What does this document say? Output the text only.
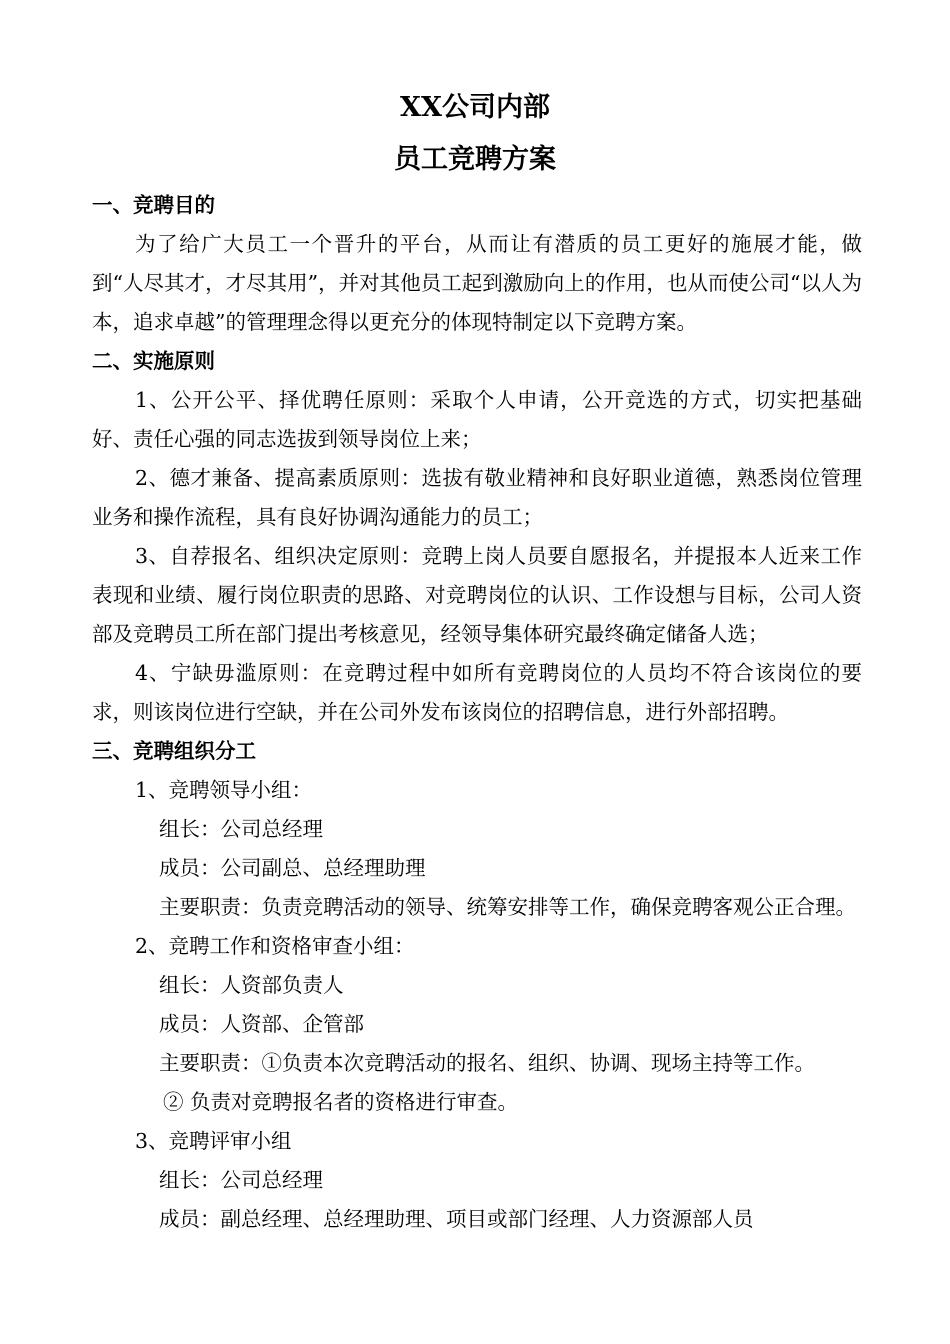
XX公司内部
员工竞聘方案

一、竞聘目的

为了给广大员工一个晋升的平台，从而让有潜质的员工更好的施展才能，做到“人尽其才，才尽其用”，并对其他员工起到激励向上的作用，也从而使公司“以人为本，追求卓越”的管理理念得以更充分的体现特制定以下竞聘方案。

二、实施原则

1、公开公平、择优聘任原则：采取个人申请，公开竞选的方式，切实把基础好、责任心强的同志选拔到领导岗位上来；

2、德才兼备、提高素质原则：选拔有敬业精神和良好职业道德，熟悉岗位管理业务和操作流程，具有良好协调沟通能力的员工；

3、自荐报名、组织决定原则：竞聘上岗人员要自愿报名，并提报本人近来工作表现和业绩、履行岗位职责的思路、对竞聘岗位的认识、工作设想与目标，公司人资部及竞聘员工所在部门提出考核意见，经领导集体研究最终确定储备人选；

4、宁缺毋滥原则：在竞聘过程中如所有竞聘岗位的人员均不符合该岗位的要求，则该岗位进行空缺，并在公司外发布该岗位的招聘信息，进行外部招聘。

三、竞聘组织分工

1、竞聘领导小组：

组长：公司总经理

成员：公司副总、总经理助理

主要职责：负责竞聘活动的领导、统筹安排等工作，确保竞聘客观公正合理。

2、竞聘工作和资格审查小组：

组长：人资部负责人

成员：人资部、企管部

主要职责：①负责本次竞聘活动的报名、组织、协调、现场主持等工作。

② 负责对竞聘报名者的资格进行审查。

3、竞聘评审小组

组长：公司总经理

成员：副总经理、总经理助理、项目或部门经理、人力资源部人员
